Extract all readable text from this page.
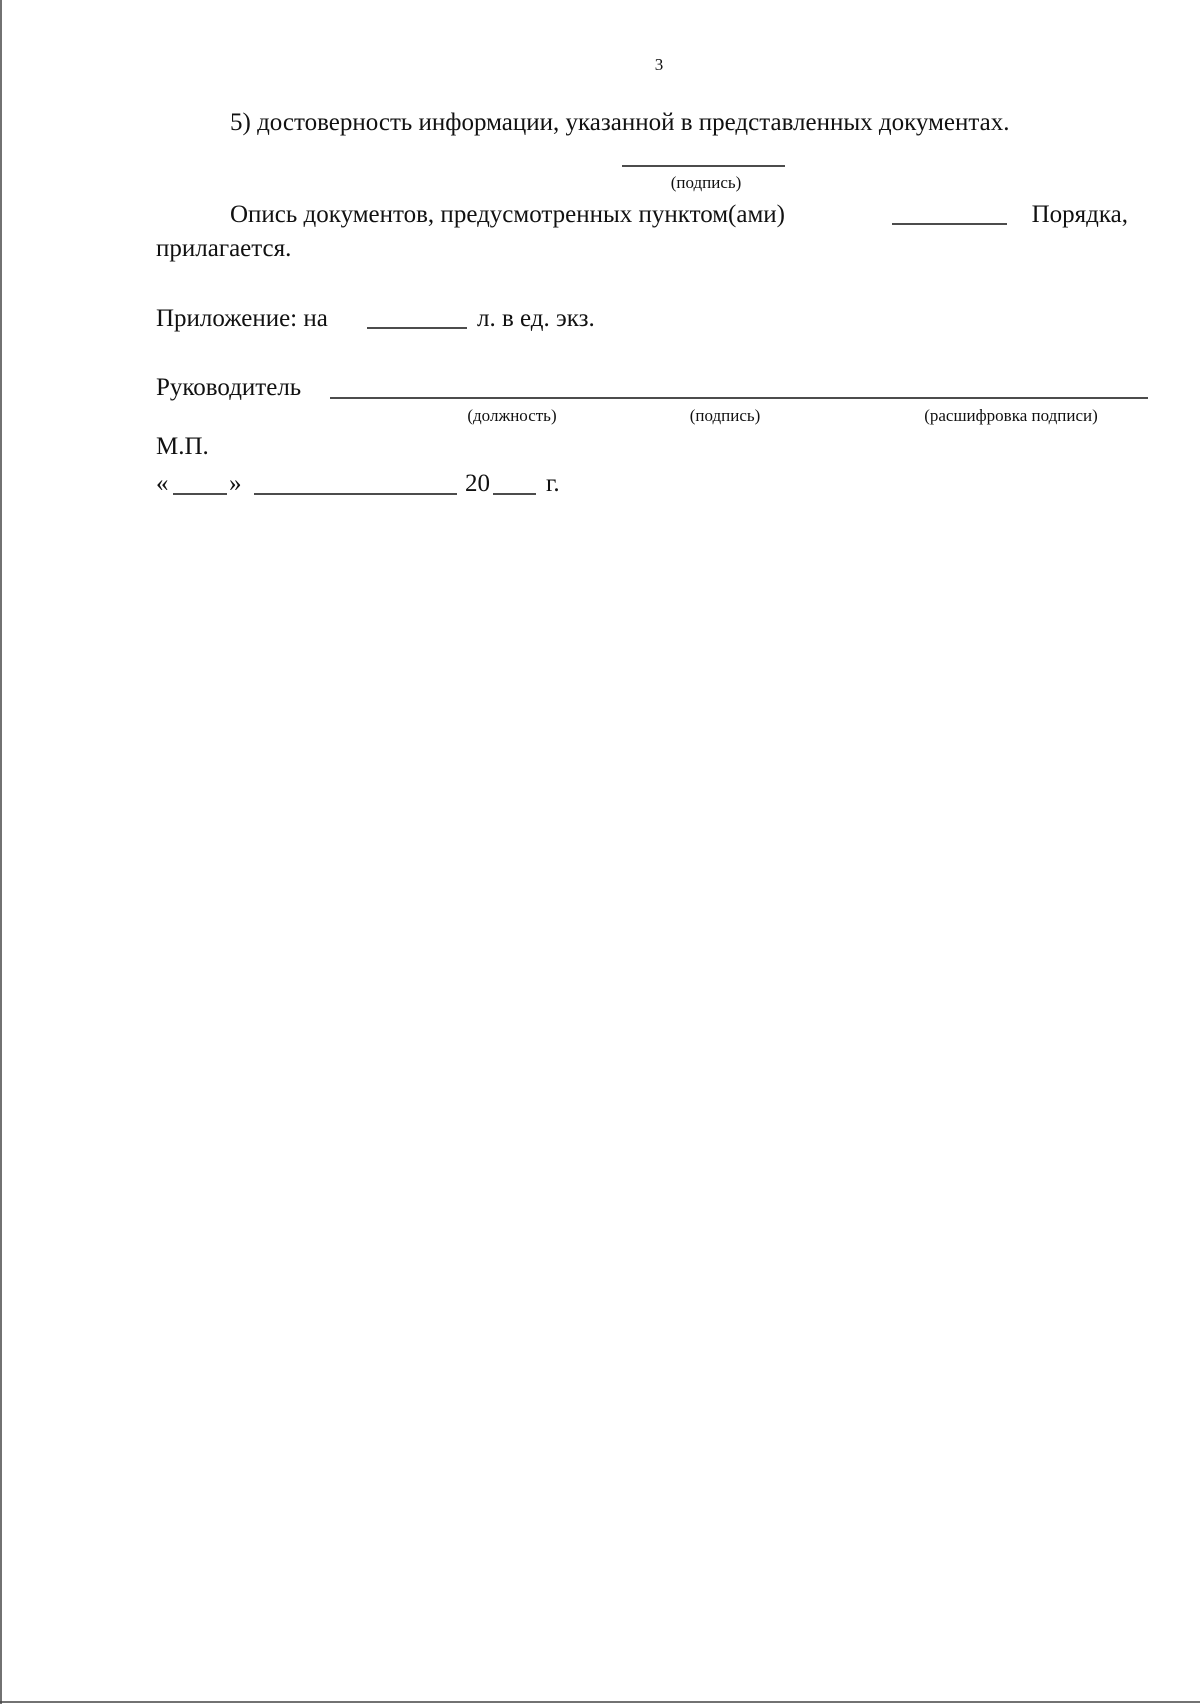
3
5) достоверность информации, указанной в представленных документах.
(подпись)
Опись документов, предусмотренных пунктом(ами)	Порядка,
прилагается.
Приложение: на	л. в ед. экз.
Руководитель
(должность)	(подпись)	(расшифровка подписи)
М.П.
« »	20 г.
